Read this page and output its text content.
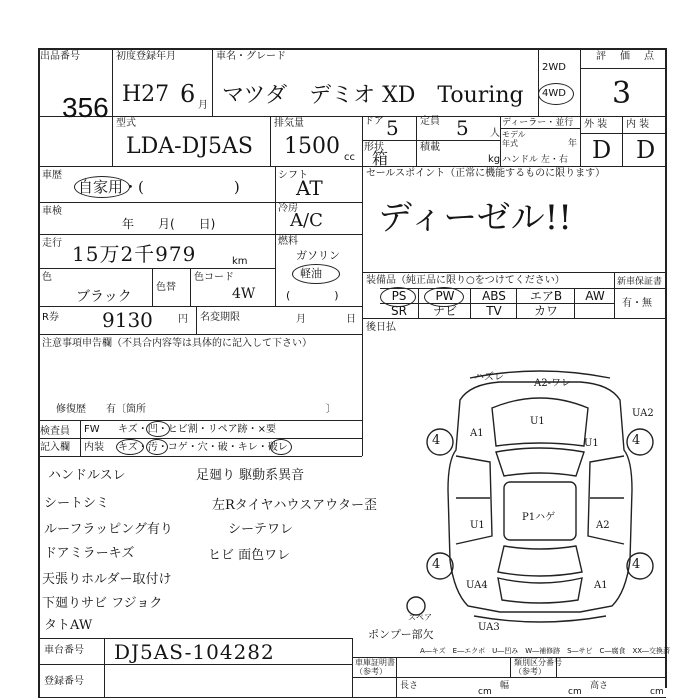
出品番号
356
初度登録年月
H27 6 月
車名・グレード
マツダ　デミオ XD　Touring
2WD
4WD
評　価　点
3
型式
LDA-DJ5AS
排気量
1500 cc
ドア 5 定員 5 人
形状
箱
積載
kg
ディーラー・並行
モデル
年式	年
ハンドル 左・右
外 装 内 装
D D
車歴
自家用・(　　　　　　)
シフト
AT
車検
年　　月(　　日)
冷房
A/C
走行 15万2千979	km
燃料
ガソリン
軽油
(　　　　)
色
ブラック
色替
色コード
4W
セールスポイント（正常に機能するものに限ります）
ディーゼル!!
装備品（純正品に限り○をつけてください）	新車保証書
有・無
PS	PW	ABS	エアB	AW
SR	ナビ	TV	カワ
R券 9130	円 名変期限	月	日
後日払
注意事項申告欄（不具合内容等は具体的に記入して下さい）
修復歴　　有〔箇所　　　　　　　　　　　　　　　　　　〕
検査員
記入欄
FW キズ・凹・ヒビ割・リペア跡・×要
内装 キズ・汚・コゲ・穴・破・キレ・破レ
ハンドルスレ
シートシミ
ルーフラッピング有り
ドアミラーキズ
天張りホルダー取付け
下廻りサビ フジョク
タトAW
足廻り 駆動系異音
左Rタイヤハウスアウター歪
シーテワレ
ヒビ 面色ワレ
4	4
4	4
ハズレ
A2-ワレ
U1
UA2
A1
U1
P1ハゲ
U1	A2
UA4	A1
UA3
ポンプー部欠
スペア
車台番号 DJ5AS-104282
登録番号
A―キズ　E―エクボ　U―凹み　W―補修跡　S―サビ　C―腐食　XX―交換済
車庫証明書
（参考）
類別区分番号
（参考）
長さ
cm
幅
cm
高さ
cm
